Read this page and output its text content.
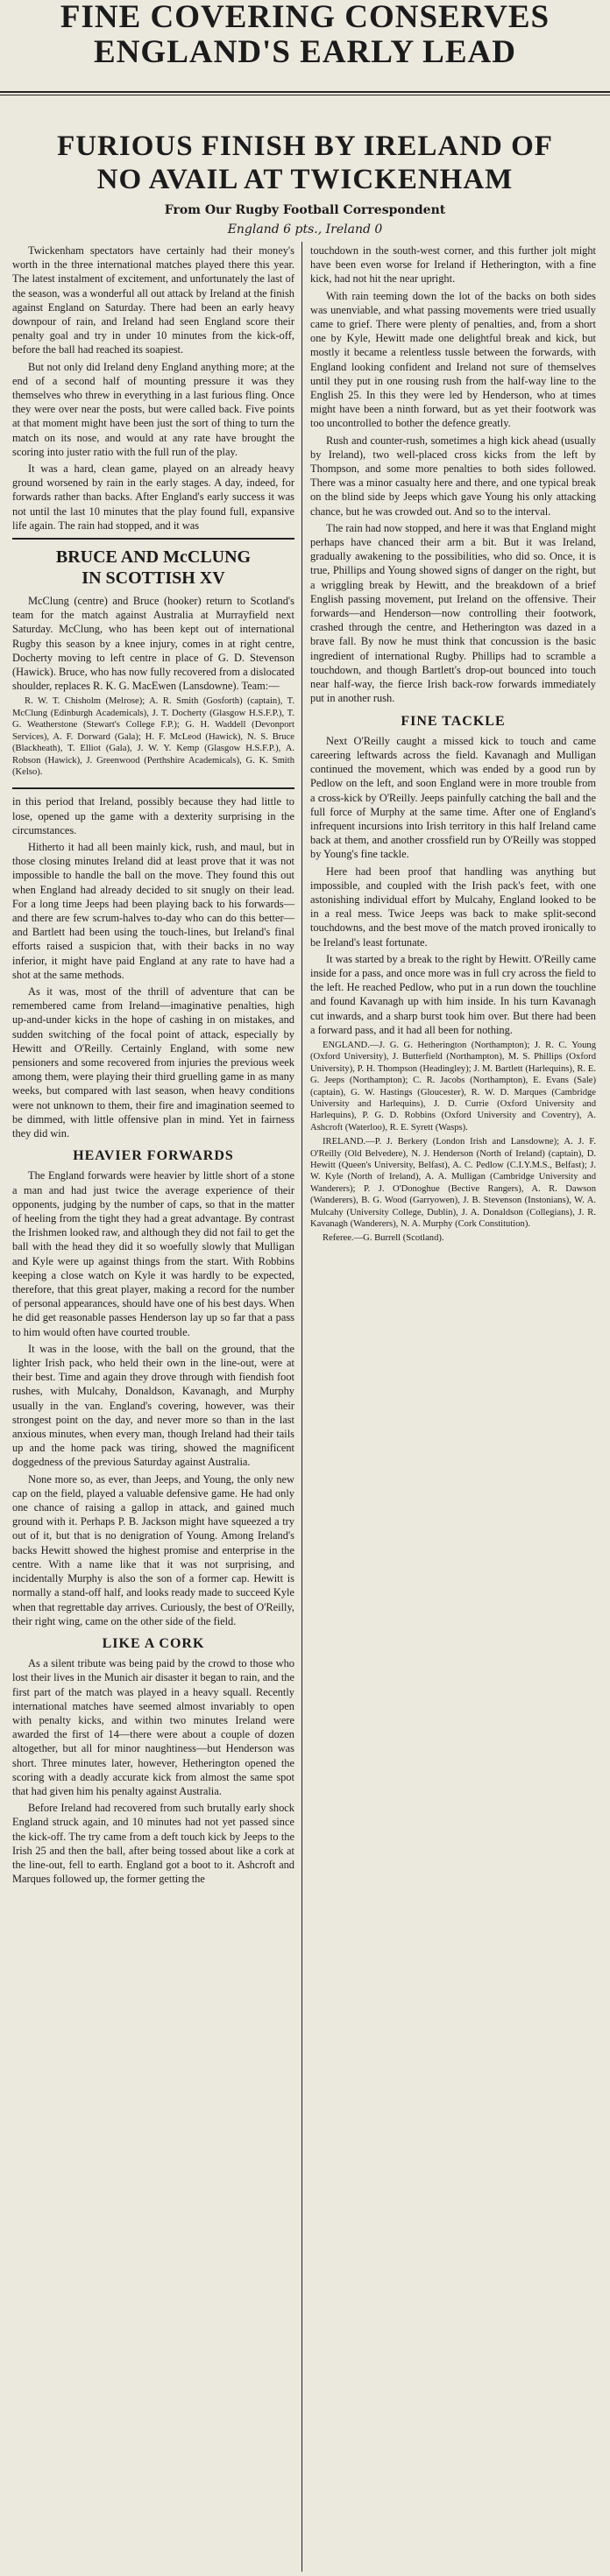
FINE COVERING CONSERVES
ENGLAND'S EARLY LEAD
FURIOUS FINISH BY IRELAND OF
NO AVAIL AT TWICKENHAM
From Our Rugby Football Correspondent
England 6 pts., Ireland 0

Twickenham spectators have certainly had their money's worth in the three international matches played there this year. The latest instalment of excitement, and unfortunately the last of the season, was a wonderful all out attack by Ireland at the finish against England on Saturday. There had been an early heavy downpour of rain, and Ireland had seen England score their penalty goal and try in under 10 minutes from the kick-off, before the ball had reached its soapiest.

But not only did Ireland deny England anything more; at the end of a second half of mounting pressure it was they themselves who threw in everything in a last furious fling. Once they were over near the posts, but were called back. Five points at that moment might have been just the sort of thing to turn the match on its nose, and would at any rate have brought the scoring into juster ratio with the full run of the play.

It was a hard, clean game, played on an already heavy ground worsened by rain in the early stages. A day, indeed, for forwards rather than backs. After England's early success it was not until the last 10 minutes that the play found full, expansive life again. The rain had stopped, and it was

BRUCE AND McCLUNG
IN SCOTTISH XV

McClung (centre) and Bruce (hooker) return to Scotland's team for the match against Australia at Murrayfield next Saturday. McClung, who has been kept out of international Rugby this season by a knee injury, comes in at right centre, Docherty moving to left centre in place of G. D. Stevenson (Hawick). Bruce, who has now fully recovered from a dislocated shoulder, replaces R. K. G. MacEwen (Lansdowne). Team:—

R. W. T. Chisholm (Melrose); A. R. Smith (Gosforth) (captain), T. McClung (Edinburgh Academicals), J. T. Docherty (Glasgow H.S.F.P.), T. G. Weatherstone (Stewart's College F.P.); G. H. Waddell (Devonport Services), A. F. Dorward (Gala); H. F. McLeod (Hawick), N. S. Bruce (Blackheath), T. Elliot (Gala), J. W. Y. Kemp (Glasgow H.S.F.P.), A. Robson (Hawick), J. Greenwood (Perthshire Academicals), G. K. Smith (Kelso).

in this period that Ireland, possibly because they had little to lose, opened up the game with a dexterity surprising in the circumstances.

Hitherto it had all been mainly kick, rush, and maul, but in those closing minutes Ireland did at least prove that it was not impossible to handle the ball on the move. They found this out when England had already decided to sit snugly on their lead. For a long time Jeeps had been playing back to his forwards—and there are few scrum-halves to-day who can do this better—and Bartlett had been using the touch-lines, but Ireland's final efforts raised a suspicion that, with their backs in no way inferior, it might have paid England at any rate to have had a shot at the same methods.

As it was, most of the thrill of adventure that can be remembered came from Ireland—imaginative penalties, high up-and-under kicks in the hope of cashing in on mistakes, and sudden switching of the focal point of attack, especially by Hewitt and O'Reilly. Certainly England, with some new pensioners and some recovered from injuries the previous week among them, were playing their third gruelling game in as many weeks, but compared with last season, when heavy conditions were not unknown to them, their fire and imagination seemed to be dimmed, with little offensive plan in mind. Yet in fairness they did win.

HEAVIER FORWARDS

The England forwards were heavier by little short of a stone a man and had just twice the average experience of their opponents, judging by the number of caps, so that in the matter of heeling from the tight they had a great advantage. By contrast the Irishmen looked raw, and although they did not fail to get the ball with the head they did it so woefully slowly that Mulligan and Kyle were up against things from the start. With Robbins keeping a close watch on Kyle it was hardly to be expected, therefore, that this great player, making a record for the number of personal appearances, should have one of his best days. When he did get reasonable passes Henderson lay up so far that a pass to him would often have courted trouble.

It was in the loose, with the ball on the ground, that the lighter Irish pack, who held their own in the line-out, were at their best. Time and again they drove through with fiendish foot rushes, with Mulcahy, Donaldson, Kavanagh, and Murphy usually in the van. England's covering, however, was their strongest point on the day, and never more so than in the last anxious minutes, when every man, though Ireland had their tails up and the home pack was tiring, showed the magnificent doggedness of the previous Saturday against Australia.

None more so, as ever, than Jeeps, and Young, the only new cap on the field, played a valuable defensive game. He had only one chance of raising a gallop in attack, and gained much ground with it. Perhaps P. B. Jackson might have squeezed a try out of it, but that is no denigration of Young. Among Ireland's backs Hewitt showed the highest promise and enterprise in the centre. With a name like that it was not surprising, and incidentally Murphy is also the son of a former cap. Hewitt is normally a stand-off half, and looks ready made to succeed Kyle when that regrettable day arrives. Curiously, the best of O'Reilly, their right wing, came on the other side of the field.

LIKE A CORK

As a silent tribute was being paid by the crowd to those who lost their lives in the Munich air disaster it began to rain, and the first part of the match was played in a heavy squall. Recently international matches have seemed almost invariably to open with penalty kicks, and within two minutes Ireland were awarded the first of 14—there were about a couple of dozen altogether, but all for minor naughtiness—but Henderson was short. Three minutes later, however, Hetherington opened the scoring with a deadly accurate kick from almost the same spot that had given him his penalty against Australia.

Before Ireland had recovered from such brutally early shock England struck again, and 10 minutes had not yet passed since the kick-off. The try came from a deft touch kick by Jeeps to the Irish 25 and then the ball, after being tossed about like a cork at the line-out, fell to earth. England got a boot to it. Ashcroft and Marques followed up, the former getting the

touchdown in the south-west corner, and this further jolt might have been even worse for Ireland if Hetherington, with a fine kick, had not hit the near upright.

With rain teeming down the lot of the backs on both sides was unenviable, and what passing movements were tried usually came to grief. There were plenty of penalties, and, from a short one by Kyle, Hewitt made one delightful break and kick, but mostly it became a relentless tussle between the forwards, with England looking confident and Ireland not sure of themselves until they put in one rousing rush from the half-way line to the English 25. In this they were led by Henderson, who at times might have been a ninth forward, but as yet their footwork was too uncontrolled to bother the defence greatly.

Rush and counter-rush, sometimes a high kick ahead (usually by Ireland), two well-placed cross kicks from the left by Thompson, and some more penalties to both sides followed. There was a minor casualty here and there, and one typical break on the blind side by Jeeps which gave Young his only attacking chance, but he was crowded out. And so to the interval.

The rain had now stopped, and here it was that England might perhaps have chanced their arm a bit. But it was Ireland, gradually awakening to the possibilities, who did so. Once, it is true, Phillips and Young showed signs of danger on the right, but a wriggling break by Hewitt, and the breakdown of a brief English passing movement, put Ireland on the offensive. Their forwards—and Henderson—now controlling their footwork, crashed through the centre, and Hetherington was dazed in a brave fall. By now he must think that concussion is the basic ingredient of international Rugby. Phillips had to scramble a touchdown, and though Bartlett's drop-out bounced into touch near half-way, the fierce Irish back-row forwards immediately put in another rush.

FINE TACKLE

Next O'Reilly caught a missed kick to touch and came careering leftwards across the field. Kavanagh and Mulligan continued the movement, which was ended by a good run by Pedlow on the left, and soon England were in more trouble from a cross-kick by O'Reilly. Jeeps painfully catching the ball and the full force of Murphy at the same time. After one of England's infrequent incursions into Irish territory in this half Ireland came back at them, and another crossfield run by O'Reilly was stopped by Young's fine tackle.

Here had been proof that handling was anything but impossible, and coupled with the Irish pack's feet, with one astonishing individual effort by Mulcahy, England looked to be in a real mess. Twice Jeeps was back to make split-second touchdowns, and the best move of the match proved ironically to be Ireland's least fortunate.

It was started by a break to the right by Hewitt. O'Reilly came inside for a pass, and once more was in full cry across the field to the left. He reached Pedlow, who put in a run down the touchline and found Kavanagh up with him inside. In his turn Kavanagh cut inwards, and a sharp burst took him over. But there had been a forward pass, and it had all been for nothing.

ENGLAND.—J. G. G. Hetherington (Northampton); J. R. C. Young (Oxford University), J. Butterfield (Northampton), M. S. Phillips (Oxford University), P. H. Thompson (Headingley); J. M. Bartlett (Harlequins), R. E. G. Jeeps (Northampton); C. R. Jacobs (Northampton), E. Evans (Sale) (captain), G. W. Hastings (Gloucester), R. W. D. Marques (Cambridge University and Harlequins), J. D. Currie (Oxford University and Harlequins), P. G. D. Robbins (Oxford University and Coventry), A. Ashcroft (Waterloo), R. E. Syrett (Wasps).

IRELAND.—P. J. Berkery (London Irish and Lansdowne); A. J. F. O'Reilly (Old Belvedere), N. J. Henderson (North of Ireland) (captain), D. Hewitt (Queen's University, Belfast), A. C. Pedlow (C.I.Y.M.S., Belfast); J. W. Kyle (North of Ireland), A. A. Mulligan (Cambridge University and Wanderers); P. J. O'Donoghue (Bective Rangers), A. R. Dawson (Wanderers), B. G. Wood (Garryowen), J. B. Stevenson (Instonians), W. A. Mulcahy (University College, Dublin), J. A. Donaldson (Collegians), J. R. Kavanagh (Wanderers), N. A. Murphy (Cork Constitution).

Referee.—G. Burrell (Scotland).
